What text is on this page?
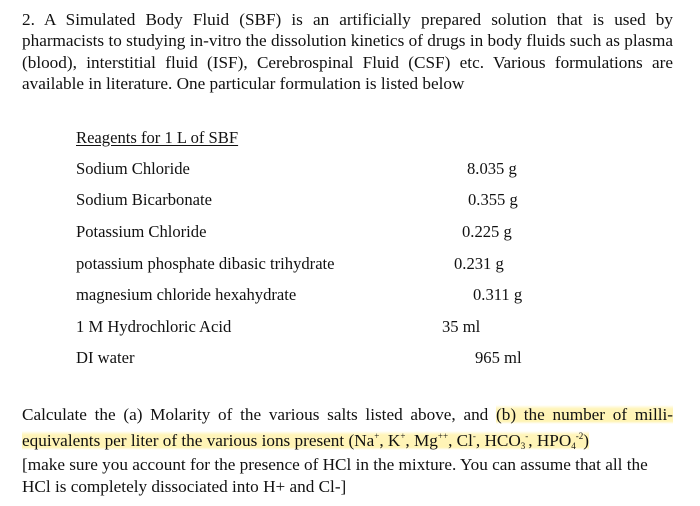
2. A Simulated Body Fluid (SBF) is an artificially prepared solution that is used by pharmacists to studying in-vitro the dissolution kinetics of drugs in body fluids such as plasma (blood), interstitial fluid (ISF), Cerebrospinal Fluid (CSF) etc. Various formulations are available in literature. One particular formulation is listed below

Reagents for 1 L of SBF
Sodium Chloride	8.035 g
Sodium Bicarbonate	0.355 g
Potassium Chloride	0.225 g
potassium phosphate dibasic trihydrate	0.231 g
magnesium chloride hexahydrate	0.311 g
1 M Hydrochloric Acid	35 ml
DI water	965 ml
Calculate the (a) Molarity of the various salts listed above, and (b) the number of milli-
equivalents per liter of the various ions present (Na+, K+, Mg++, Cl-, $HCO_3^-$, $HPO_4^{-2}$)
[make sure you account for the presence of HCl in the mixture. You can assume that all the HCl is completely dissociated into H+ and Cl-]
